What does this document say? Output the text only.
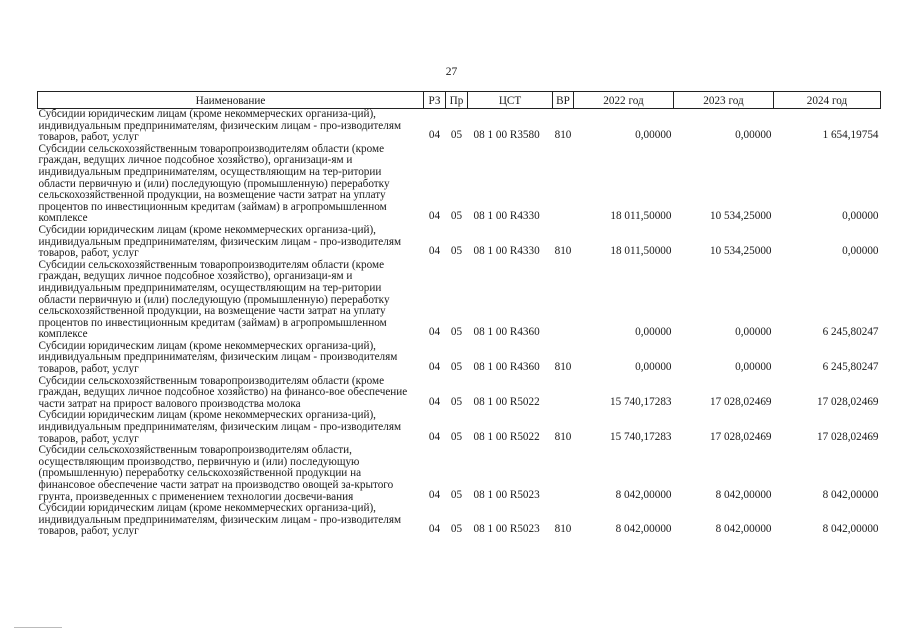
27
Наименование	РЗ	Пр	ЦСТ	ВР	2022 год	2023 год	2024 год
Субсидии юридическим лицам (кроме некоммерческих организа-ций), индивидуальным предпринимателям, физическим лицам - про-изводителям товаров, работ, услуг	04	05	08 1 00 R3580	810	0,00000	0,00000	1 654,19754
Субсидии сельскохозяйственным товаропроизводителям области (кроме граждан, ведущих личное подсобное хозяйство), организаци-ям и индивидуальным предпринимателям, осуществляющим на тер-ритории области первичную и (или) последующую (промышленную) переработку сельскохозяйственной продукции, на возмещение части затрат на уплату процентов по инвестиционным кредитам (займам) в агропромышленном комплексе	04	05	08 1 00 R4330		18 011,50000	10 534,25000	0,00000
Субсидии юридическим лицам (кроме некоммерческих организа-ций), индивидуальным предпринимателям, физическим лицам - про-изводителям товаров, работ, услуг	04	05	08 1 00 R4330	810	18 011,50000	10 534,25000	0,00000
Субсидии сельскохозяйственным товаропроизводителям области (кроме граждан, ведущих личное подсобное хозяйство), организаци-ям и индивидуальным предпринимателям, осуществляющим на тер-ритории области первичную и (или) последующую (промышленную) переработку сельскохозяйственной продукции, на возмещение части затрат на уплату процентов по инвестиционным кредитам (займам) в агропромышленном комплексе	04	05	08 1 00 R4360		0,00000	0,00000	6 245,80247
Субсидии юридическим лицам (кроме некоммерческих организа-ций), индивидуальным предпринимателям, физическим лицам - производителям товаров, работ, услуг	04	05	08 1 00 R4360	810	0,00000	0,00000	6 245,80247
Субсидии сельскохозяйственным товаропроизводителям области (кроме граждан, ведущих личное подсобное хозяйство) на финансо-вое обеспечение части затрат на прирост валового производства молока	04	05	08 1 00 R5022		15 740,17283	17 028,02469	17 028,02469
Субсидии юридическим лицам (кроме некоммерческих организа-ций), индивидуальным предпринимателям, физическим лицам - про-изводителям товаров, работ, услуг	04	05	08 1 00 R5022	810	15 740,17283	17 028,02469	17 028,02469
Субсидии сельскохозяйственным товаропроизводителям области, осуществляющим производство, первичную и (или) последующую (промышленную) переработку сельскохозяйственной продукции на финансовое обеспечение части затрат на производство овощей за-крытого грунта, произведенных с применением технологии досвечи-вания	04	05	08 1 00 R5023		8 042,00000	8 042,00000	8 042,00000
Субсидии юридическим лицам (кроме некоммерческих организа-ций), индивидуальным предпринимателям, физическим лицам - про-изводителям товаров, работ, услуг	04	05	08 1 00 R5023	810	8 042,00000	8 042,00000	8 042,00000
